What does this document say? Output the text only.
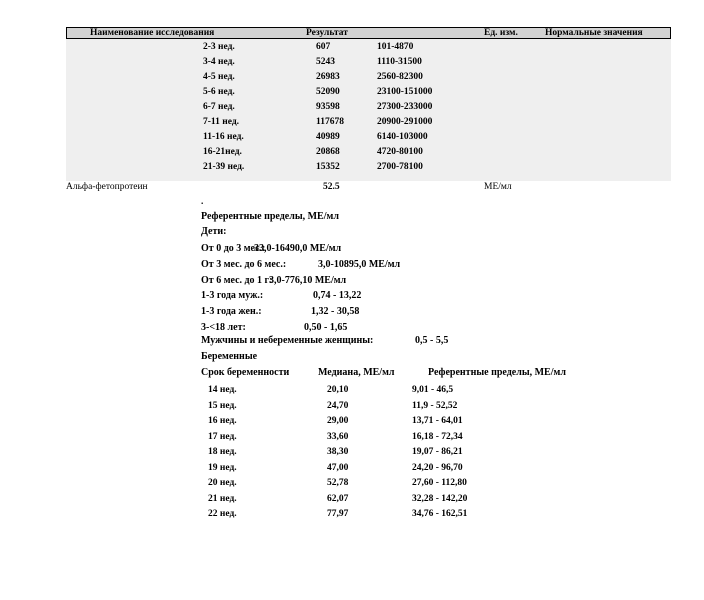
Наименование исследования	Результат	Ед. изм.	Нормальные значения
2-3 нед.	607	101-4870
3-4 нед.	5243	1110-31500
4-5 нед.	26983	2560-82300
5-6 нед.	52090	23100-151000
6-7 нед.	93598	27300-233000
7-11 нед.	117678	20900-291000
11-16 нед.	40989	6140-103000
16-21нед.	20868	4720-80100
21-39 нед.	15352	2700-78100
Альфа-фетопротеин	52.5	МЕ/мл
.
Референтные пределы, МЕ/мл
Дети:
От 0 до 3 мес.:
33,0-16490,0 МЕ/мл
От 3 мес. до 6 мес.:	3,0-10895,0 МЕ/мл
От 6 мес. до 1 г:
3,0-776,10 МЕ/мл
1-3 года муж.:	0,74 - 13,22
1-3 года жен.:	1,32 - 30,58
3-<18 лет:	0,50 - 1,65
Мужчины и небеременные женщины:	0,5 - 5,5
Беременные
Срок беременности	Медиана, МЕ/мл	Референтные пределы, МЕ/мл
14 нед.	20,10	9,01 - 46,5
15 нед.	24,70	11,9 - 52,52
16 нед.	29,00	13,71 - 64,01
17 нед.	33,60	16,18 - 72,34
18 нед.	38,30	19,07 - 86,21
19 нед.	47,00	24,20 - 96,70
20 нед.	52,78	27,60 - 112,80
21 нед.	62,07	32,28 - 142,20
22 нед.	77,97	34,76 - 162,51
